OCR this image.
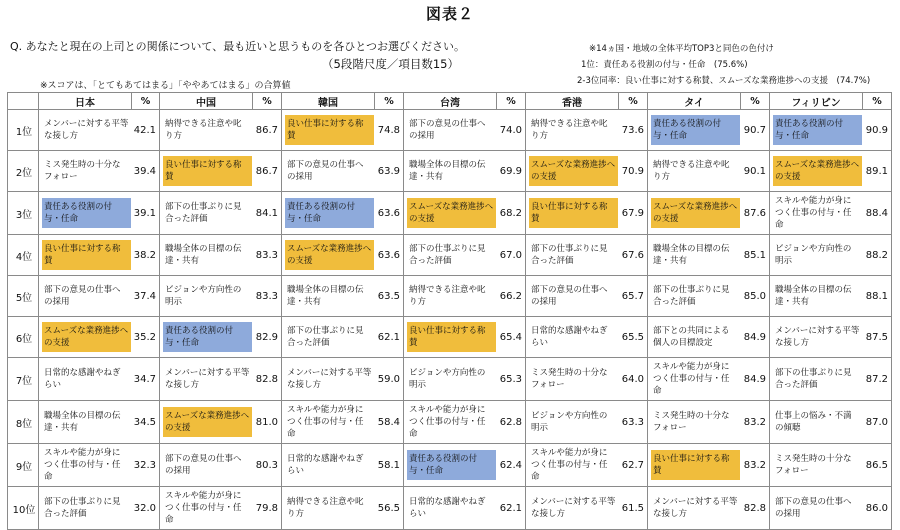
図表２
Q. あなたと現在の上司との関係について、最も近いと思うものを各ひとつお選びください。
（5段階尺度／項目数15）
※スコアは、「とてもあてはまる」「ややあてはまる」の合算値
※14ヵ国・地域の全体平均TOP3と同色の色付け
1位：責任ある役割の付与・任命　(75.6%)
2-3位同率：良い仕事に対する称賛、スムーズな業務進捗への支援　(74.7%)
	日本	%	中国	%	韓国	%	台湾	%	香港	%	タイ	%	フィリピン	%
1位	メンバーに対する平等な接し方	42.1	納得できる注意や叱り方	86.7	良い仕事に対する称賛	74.8	部下の意見の仕事への採用	74.0	納得できる注意や叱り方	73.6	責任ある役割の付与・任命	90.7	責任ある役割の付与・任命	90.9
2位	ミス発生時の十分なフォロー	39.4	良い仕事に対する称賛	86.7	部下の意見の仕事への採用	63.9	職場全体の目標の伝達・共有	69.9	スムーズな業務進捗への支援	70.9	納得できる注意や叱り方	90.1	スムーズな業務進捗への支援	89.1
3位	責任ある役割の付与・任命	39.1	部下の仕事ぶりに見合った評価	84.1	責任ある役割の付与・任命	63.6	スムーズな業務進捗への支援	68.2	良い仕事に対する称賛	67.9	スムーズな業務進捗への支援	87.6	スキルや能力が身につく仕事の付与・任命	88.4
4位	良い仕事に対する称賛	38.2	職場全体の目標の伝達・共有	83.3	スムーズな業務進捗への支援	63.6	部下の仕事ぶりに見合った評価	67.0	部下の仕事ぶりに見合った評価	67.6	職場全体の目標の伝達・共有	85.1	ビジョンや方向性の明示	88.2
5位	部下の意見の仕事への採用	37.4	ビジョンや方向性の明示	83.3	職場全体の目標の伝達・共有	63.5	納得できる注意や叱り方	66.2	部下の意見の仕事への採用	65.7	部下の仕事ぶりに見合った評価	85.0	職場全体の目標の伝達・共有	88.1
6位	スムーズな業務進捗への支援	35.2	責任ある役割の付与・任命	82.9	部下の仕事ぶりに見合った評価	62.1	良い仕事に対する称賛	65.4	日常的な感謝やねぎらい	65.5	部下との共同による個人の目標設定	84.9	メンバーに対する平等な接し方	87.5
7位	日常的な感謝やねぎらい	34.7	メンバーに対する平等な接し方	82.8	メンバーに対する平等な接し方	59.0	ビジョンや方向性の明示	65.3	ミス発生時の十分なフォロー	64.0	スキルや能力が身につく仕事の付与・任命	84.9	部下の仕事ぶりに見合った評価	87.2
8位	職場全体の目標の伝達・共有	34.5	スムーズな業務進捗への支援	81.0	スキルや能力が身につく仕事の付与・任命	58.4	スキルや能力が身につく仕事の付与・任命	62.8	ビジョンや方向性の明示	63.3	ミス発生時の十分なフォロー	83.2	仕事上の悩み・不満の傾聴	87.0
9位	スキルや能力が身につく仕事の付与・任命	32.3	部下の意見の仕事への採用	80.3	日常的な感謝やねぎらい	58.1	責任ある役割の付与・任命	62.4	スキルや能力が身につく仕事の付与・任命	62.7	良い仕事に対する称賛	83.2	ミス発生時の十分なフォロー	86.5
10位	部下の仕事ぶりに見合った評価	32.0	スキルや能力が身につく仕事の付与・任命	79.8	納得できる注意や叱り方	56.5	日常的な感謝やねぎらい	62.1	メンバーに対する平等な接し方	61.5	メンバーに対する平等な接し方	82.8	部下の意見の仕事への採用	86.0
